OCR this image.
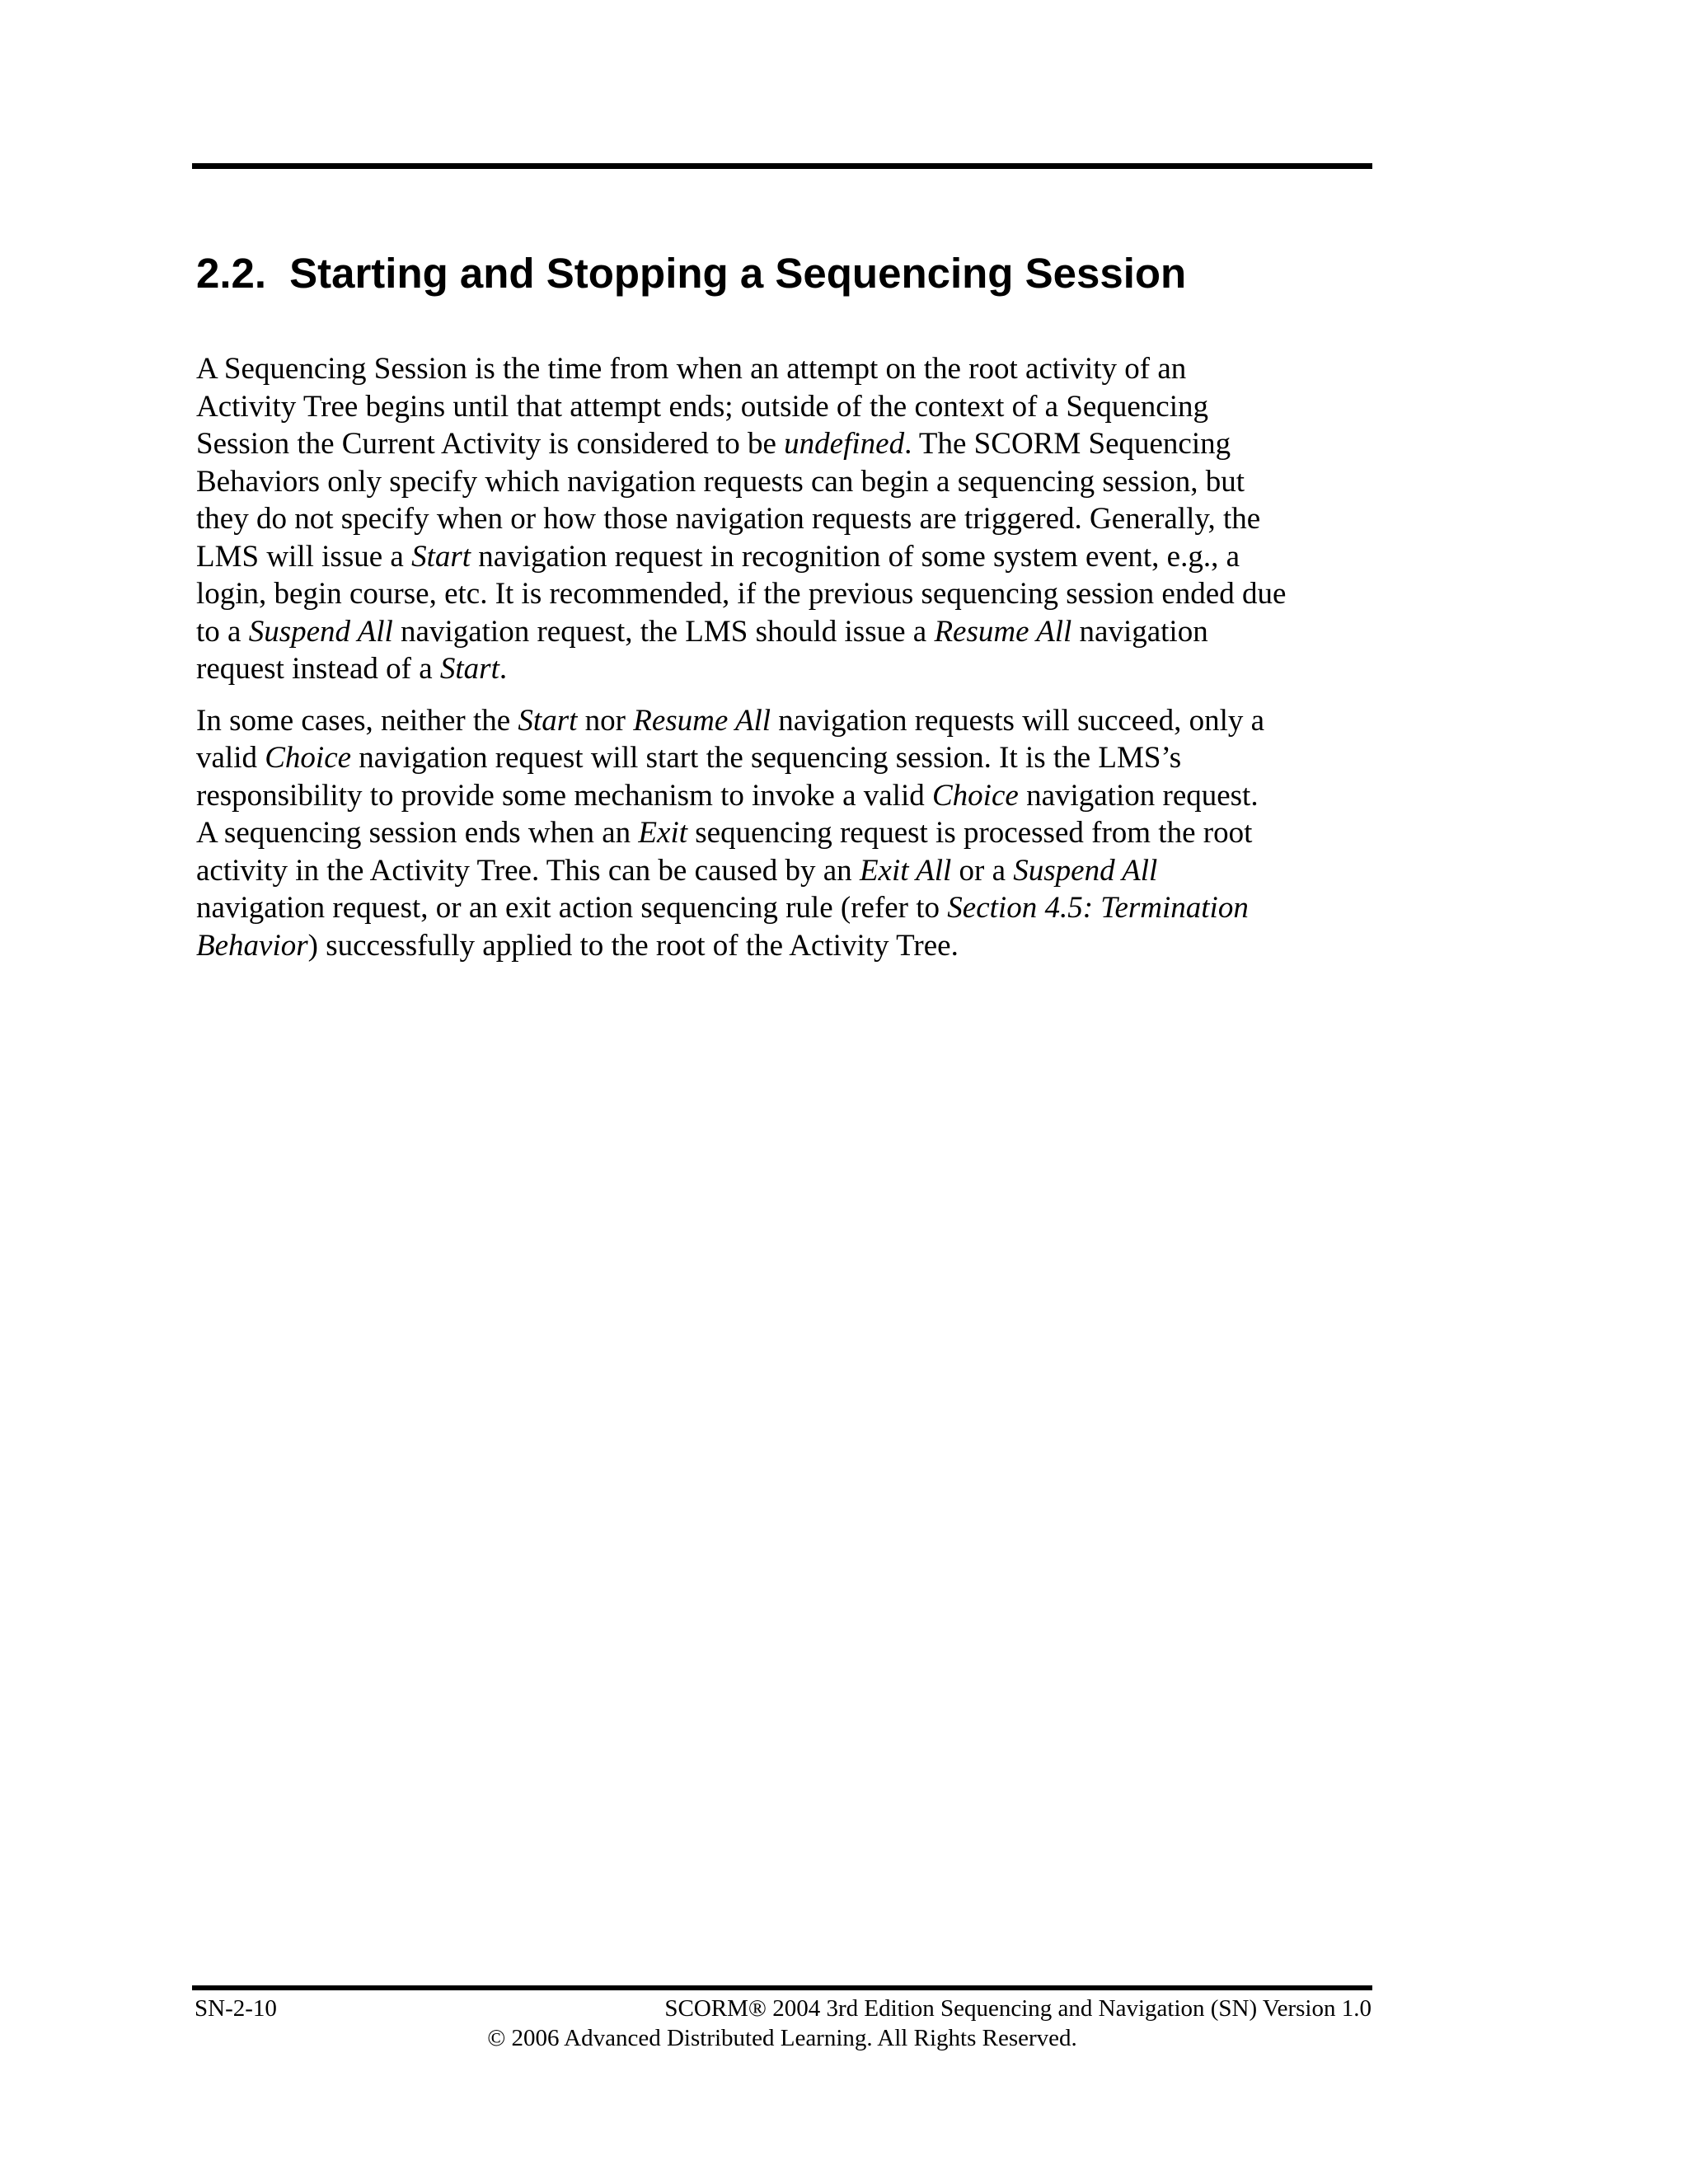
2.2. Starting and Stopping a Sequencing Session

A Sequencing Session is the time from when an attempt on the root activity of an
Activity Tree begins until that attempt ends; outside of the context of a Sequencing
Session the Current Activity is considered to be undefined. The SCORM Sequencing
Behaviors only specify which navigation requests can begin a sequencing session, but
they do not specify when or how those navigation requests are triggered. Generally, the
LMS will issue a Start navigation request in recognition of some system event, e.g., a
login, begin course, etc. It is recommended, if the previous sequencing session ended due
to a Suspend All navigation request, the LMS should issue a Resume All navigation
request instead of a Start.

In some cases, neither the Start nor Resume All navigation requests will succeed, only a
valid Choice navigation request will start the sequencing session. It is the LMS’s
responsibility to provide some mechanism to invoke a valid Choice navigation request.
A sequencing session ends when an Exit sequencing request is processed from the root
activity in the Activity Tree. This can be caused by an Exit All or a Suspend All
navigation request, or an exit action sequencing rule (refer to Section 4.5: Termination
Behavior) successfully applied to the root of the Activity Tree.

SN-2-10	SCORM® 2004 3rd Edition Sequencing and Navigation (SN) Version 1.0
© 2006 Advanced Distributed Learning. All Rights Reserved.
